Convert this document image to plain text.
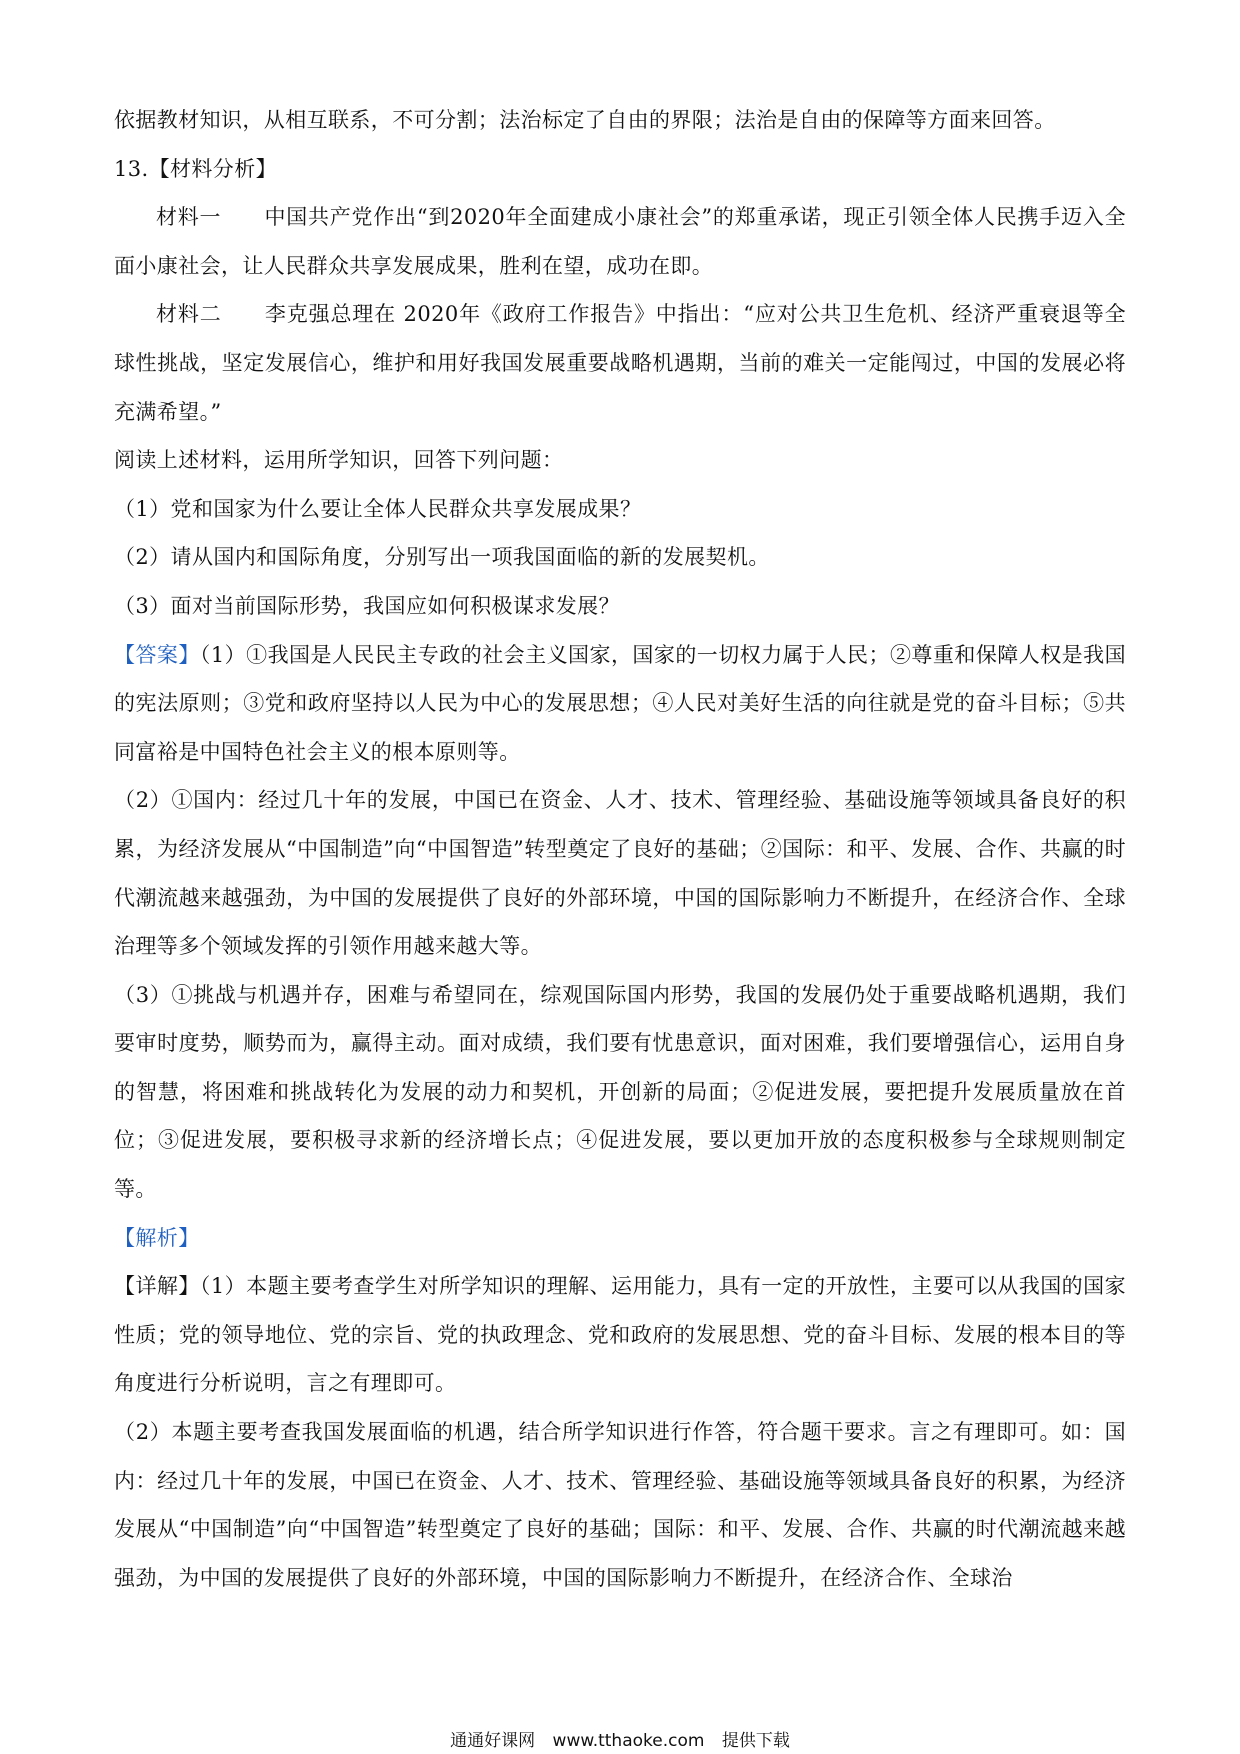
依据教材知识，从相互联系，不可分割；法治标定了自由的界限；法治是自由的保障等方面来回答。

13.【材料分析】

材料一   中国共产党作出“到2020年全面建成小康社会”的郑重承诺，现正引领全体人民携手迈入全面小康社会，让人民群众共享发展成果，胜利在望，成功在即。

材料二   李克强总理在 2020年《政府工作报告》中指出：“应对公共卫生危机、经济严重衰退等全球性挑战，坚定发展信心，维护和用好我国发展重要战略机遇期，当前的难关一定能闯过，中国的发展必将充满希望。”

阅读上述材料，运用所学知识，回答下列问题：

（1）党和国家为什么要让全体人民群众共享发展成果？

（2）请从国内和国际角度，分别写出一项我国面临的新的发展契机。

（3）面对当前国际形势，我国应如何积极谋求发展？

【答案】（1）①我国是人民民主专政的社会主义国家，国家的一切权力属于人民；②尊重和保障人权是我国的宪法原则；③党和政府坚持以人民为中心的发展思想；④人民对美好生活的向往就是党的奋斗目标；⑤共同富裕是中国特色社会主义的根本原则等。

（2）①国内：经过几十年的发展，中国已在资金、人才、技术、管理经验、基础设施等领域具备良好的积累，为经济发展从“中国制造”向“中国智造”转型奠定了良好的基础；②国际：和平、发展、合作、共赢的时代潮流越来越强劲，为中国的发展提供了良好的外部环境，中国的国际影响力不断提升，在经济合作、全球治理等多个领域发挥的引领作用越来越大等。

（3）①挑战与机遇并存，困难与希望同在，综观国际国内形势，我国的发展仍处于重要战略机遇期，我们要审时度势，顺势而为，赢得主动。面对成绩，我们要有忧患意识，面对困难，我们要增强信心，运用自身的智慧，将困难和挑战转化为发展的动力和契机，开创新的局面；②促进发展，要把提升发展质量放在首位；③促进发展，要积极寻求新的经济增长点；④促进发展，要以更加开放的态度积极参与全球规则制定等。

【解析】

【详解】（1）本题主要考查学生对所学知识的理解、运用能力，具有一定的开放性，主要可以从我国的国家性质；党的领导地位、党的宗旨、党的执政理念、党和政府的发展思想、党的奋斗目标、发展的根本目的等角度进行分析说明，言之有理即可。

（2）本题主要考查我国发展面临的机遇，结合所学知识进行作答，符合题干要求。言之有理即可。如：国内：经过几十年的发展，中国已在资金、人才、技术、管理经验、基础设施等领域具备良好的积累，为经济发展从“中国制造”向“中国智造”转型奠定了良好的基础；国际：和平、发展、合作、共赢的时代潮流越来越强劲，为中国的发展提供了良好的外部环境，中国的国际影响力不断提升，在经济合作、全球治

通通好课网 www.tthaoke.com 提供下载
